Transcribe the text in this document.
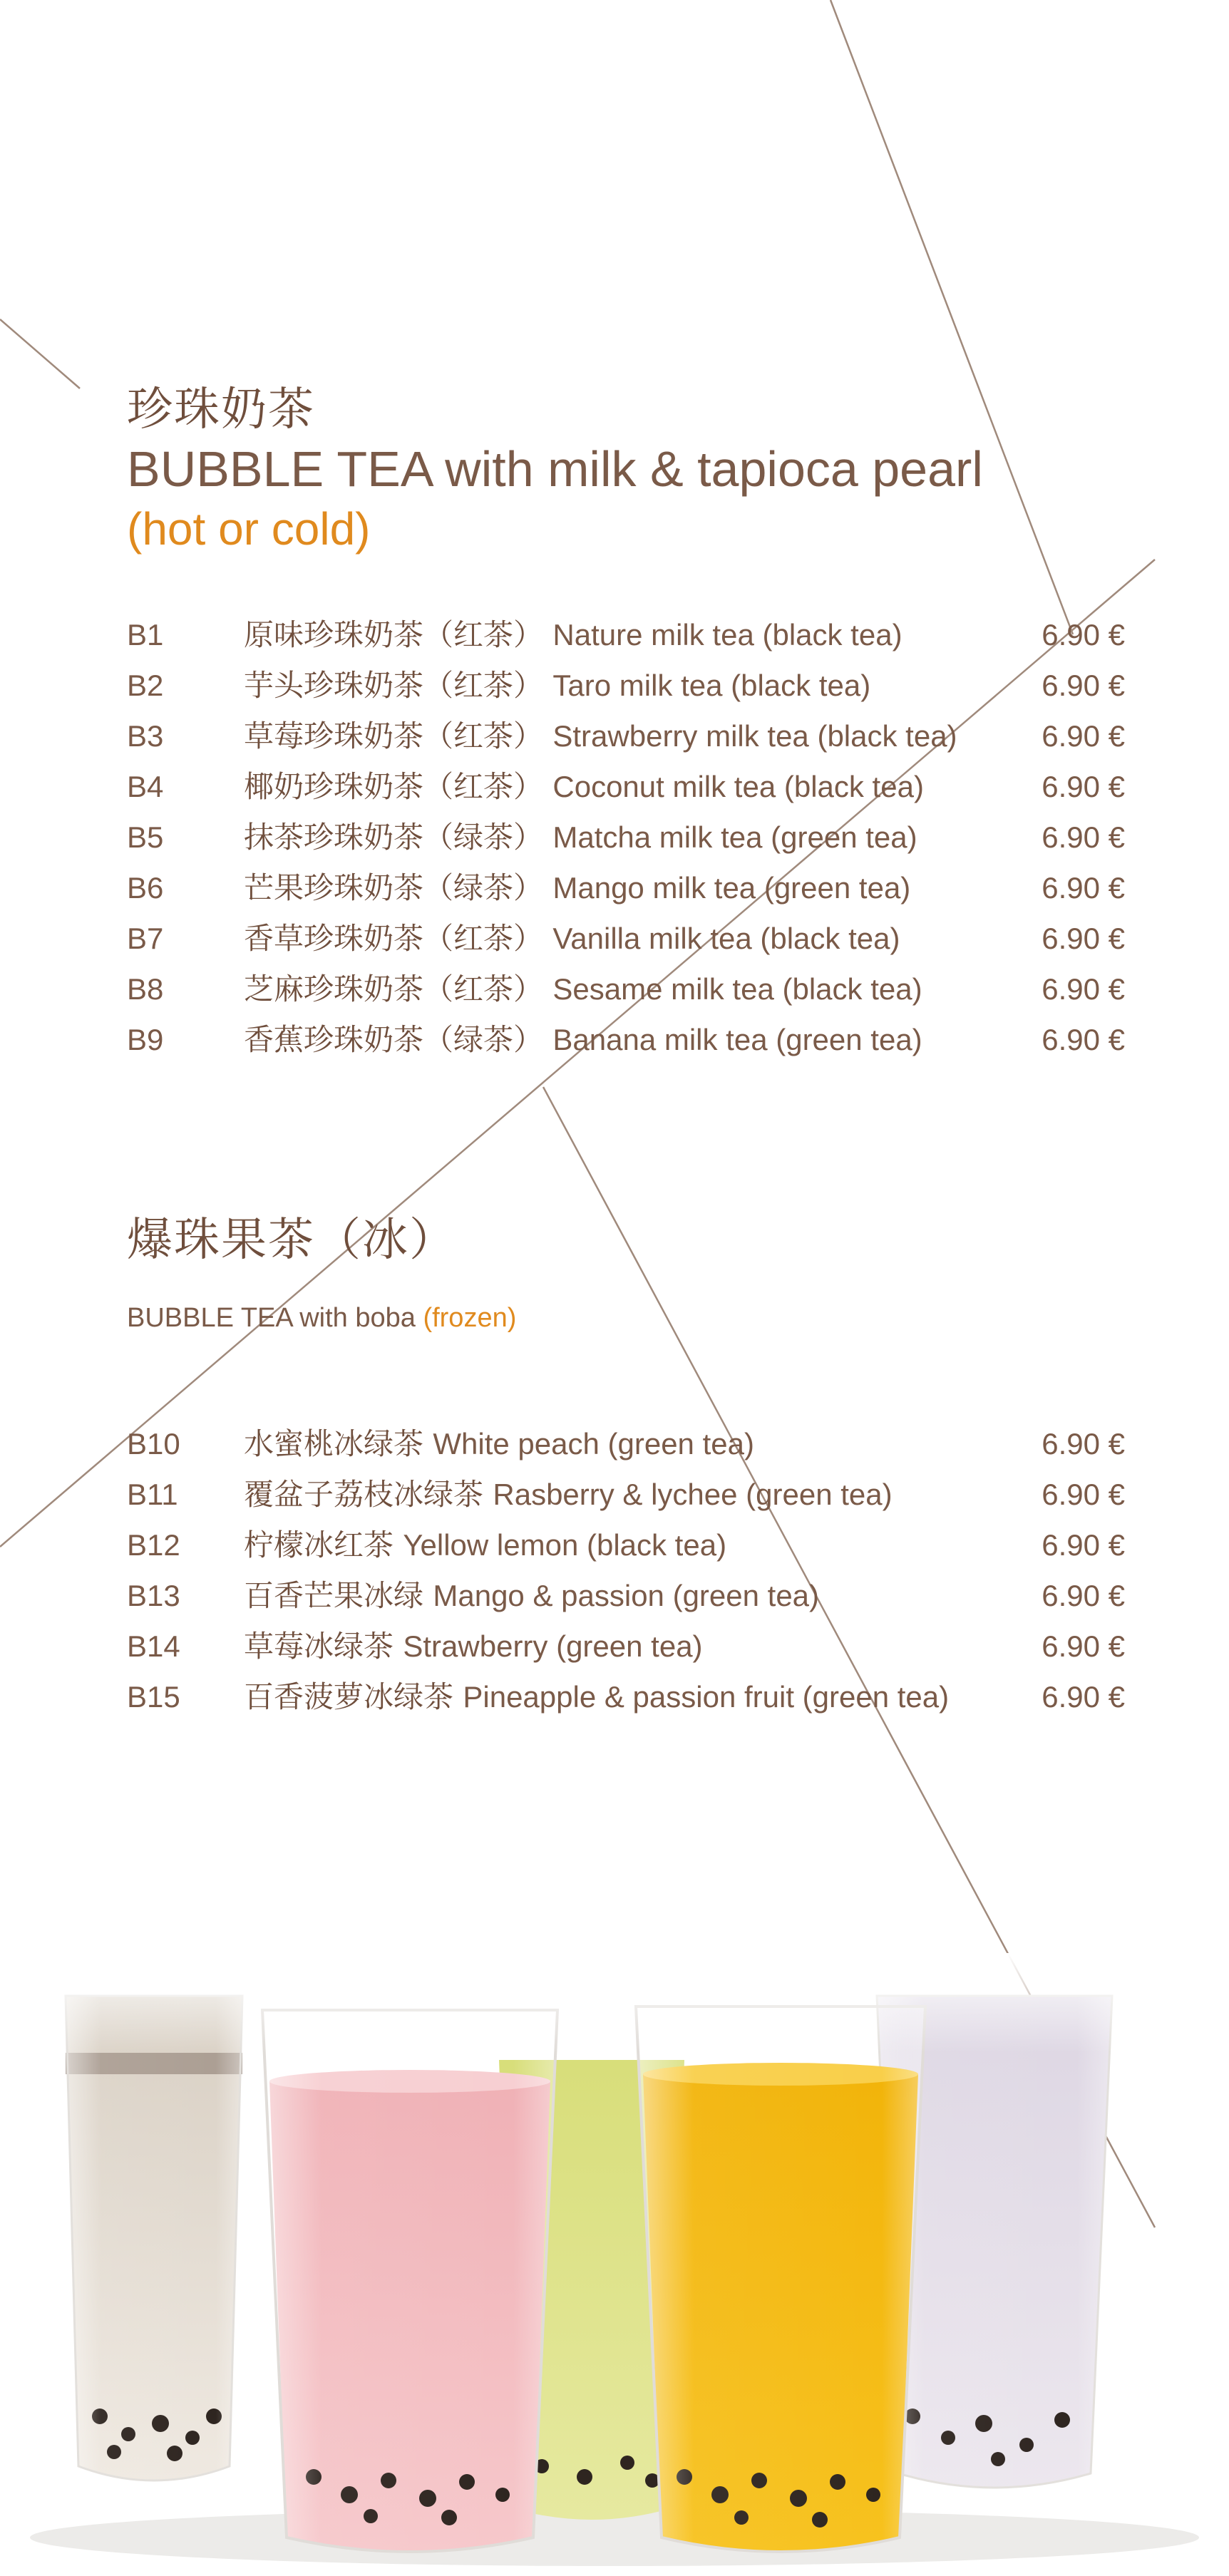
珍珠奶茶
BUBBLE TEA with milk & tapioca pearl
(hot or cold)
B1	原味珍珠奶茶（红茶） Nature milk tea (black tea)	6.90 €
B2	芋头珍珠奶茶（红茶） Taro milk tea (black tea)	6.90 €
B3	草莓珍珠奶茶（红茶） Strawberry milk tea (black tea)	6.90 €
B4	椰奶珍珠奶茶（红茶） Coconut milk tea (black tea)	6.90 €
B5	抹茶珍珠奶茶（绿茶） Matcha milk tea (green tea)	6.90 €
B6	芒果珍珠奶茶（绿茶） Mango milk tea (green tea)	6.90 €
B7	香草珍珠奶茶（红茶） Vanilla milk tea (black tea)	6.90 €
B8	芝麻珍珠奶茶（红茶） Sesame milk tea (black tea)	6.90 €
B9	香蕉珍珠奶茶（绿茶） Banana milk tea (green tea)	6.90 €
爆珠果茶（冰）
BUBBLE TEA with boba (frozen)
B10 水蜜桃冰绿茶 White peach (green tea)	6.90 €
B11 覆盆子荔枝冰绿茶 Rasberry & lychee (green tea)	6.90 €
B12 柠檬冰红茶 Yellow lemon (black tea)	6.90 €
B13 百香芒果冰绿 Mango & passion (green tea)	6.90 €
B14 草莓冰绿茶 Strawberry (green tea)	6.90 €
B15 百香菠萝冰绿茶 Pineapple & passion fruit (green tea)	6.90 €
